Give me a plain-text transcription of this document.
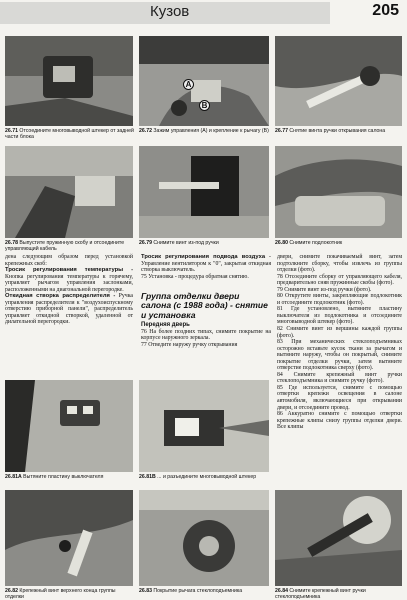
Кузов	205
26.71 Отсоедините многовыводной штекер от задней части блока
A
B
26.72 Зажим управления (A) и крепление к рычагу (B)	26.77 Снятие винта ручки открывания салона
26.78 Выпустите пружинную скобу и отсоедините управляющий кабель
26.79 Снимите винт из-под ручки	26.80 Снимите подлокотник

дена следующим образом перед установкой крепежных скоб:

Тросик регулирования температуры - Кнопка регулирования температуры к горячему, управляет рычагом управления заслонками, расположенными на диагональной перегородке.

Откидная створка распределителя - Ручка управления распределителя к "воздухоиспускному отверстию приборной панели", распределитель управляет откидной створкой, удаленной от дилательной перегородки.

Тросик регулирования подвода воздуха - Управление вентилятором к "0", закрытая откидная створка выключатель.

75 Установка - процедура обратная снятию.

Группа отделки двери салона (с 1988 года) - снятие и установка

Передняя дверь

76 На более поздних типах, снимите покрытие на корпусе наружного зеркала.

77 Отведите наружу ручку открывания

двери, снимите покачиваемый винт, затем подтолкните сборку, чтобы извлечь из группы отделки (фото).

78 Отсоедините сборку от управляющего кабеля, предварительно сняв пружинные скобы (фото).

79 Снимите винт из-под ручки (фото).

80 Открутите винты, закрепляющие подлокотник и отсоедините подлокотник (фото).

81 Где установлено, вытяните пластину выключателя из подлокотника и отсоедините многовыводной штекер (фото).

82 Снимите винт из вершины каждой группы (фото).

83 При механических стеклоподъемниках осторожно вставьте кусок ткани за рычагом и вытяните наружу, чтобы он покрытый, снимите покрытие отделки ручки, затем вытяните отверстие подлокотника сверху (фото).

84 Снимите крепежный винт ручки стеклоподъемника и снимите ручку (фото).

85 Где используется, снимите с помощью отвертки крепежи освещения в салоне автомобиля, включающиеся при открывании двери, и отсоедините провод.

86 Аккуратно снимите с помощью отвертки крепежные клипы снизу группы отделки двери. Все клипы

26.81A Вытяните пластину выключателя	26.81B ... и разъедините многовыводной штекер
26.82 Крепежный винт верхнего конца группы отделки
26.83 Покрытие рычага стеклоподъемника	26.84 Снимите крепежный винт ручки стеклоподъемника
